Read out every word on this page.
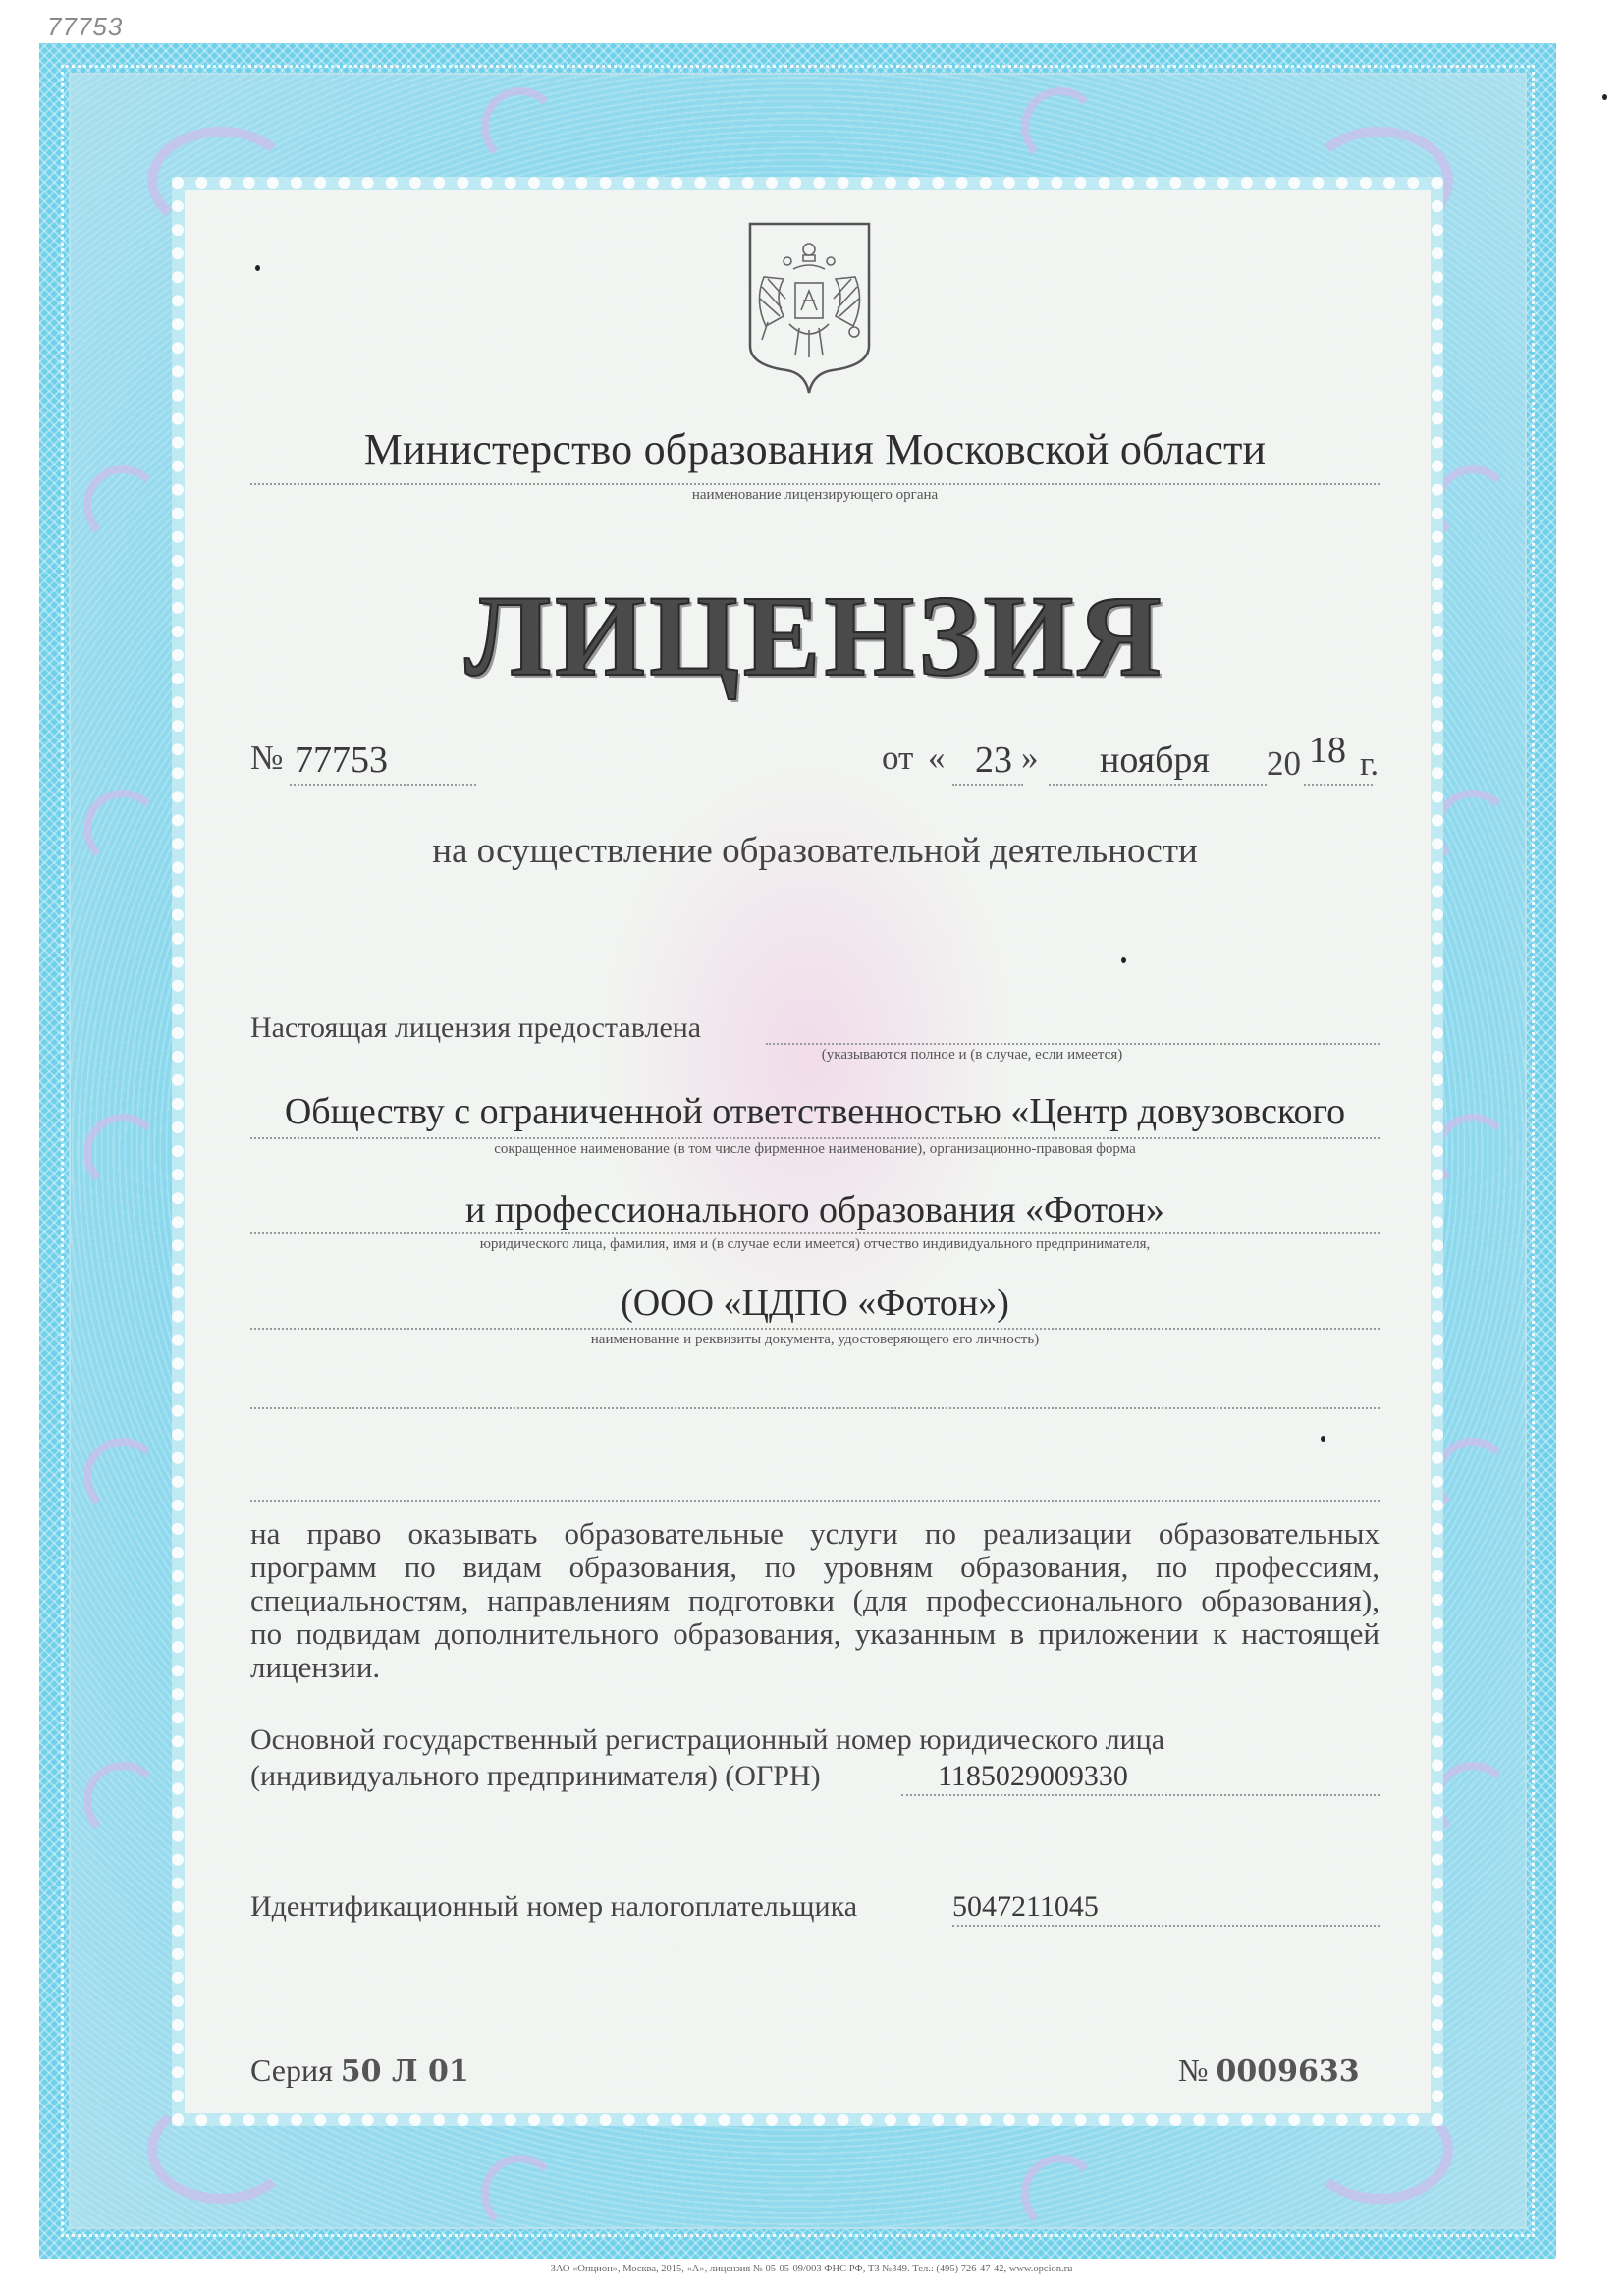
77753
Министерство образования Московской области
наименование лицензирующего органа
ЛИЦЕНЗИЯ
№ 77753	от « 23 » ноября 20 18 г.
на осуществление образовательной деятельности
Настоящая лицензия предоставлена
(указываются полное и (в случае, если имеется)
Обществу с ограниченной ответственностью «Центр довузовского
сокращенное наименование (в том числе фирменное наименование), организационно-правовая форма
и профессионального образования «Фотон»
юридического лица, фамилия, имя и (в случае если имеется) отчество индивидуального предпринимателя,
(ООО «ЦДПО «Фотон»)
наименование и реквизиты документа, удостоверяющего его личность)
на право оказывать образовательные услуги по реализации образовательных программ по видам образования, по уровням образования, по профессиям, специальностям, направлениям подготовки (для профессионального образования), по подвидам дополнительного образования, указанным в приложении к настоящей лицензии.
Основной государственный регистрационный номер юридического лица
(индивидуального предпринимателя) (ОГРН)	1185029009330
Идентификационный номер налогоплательщика	5047211045
Серия 50 Л 01	№ 0009633
ЗАО «Опцион», Москва, 2015, «А», лицензия № 05-05-09/003 ФНС РФ, ТЗ №349. Тел.: (495) 726-47-42, www.opcion.ru
